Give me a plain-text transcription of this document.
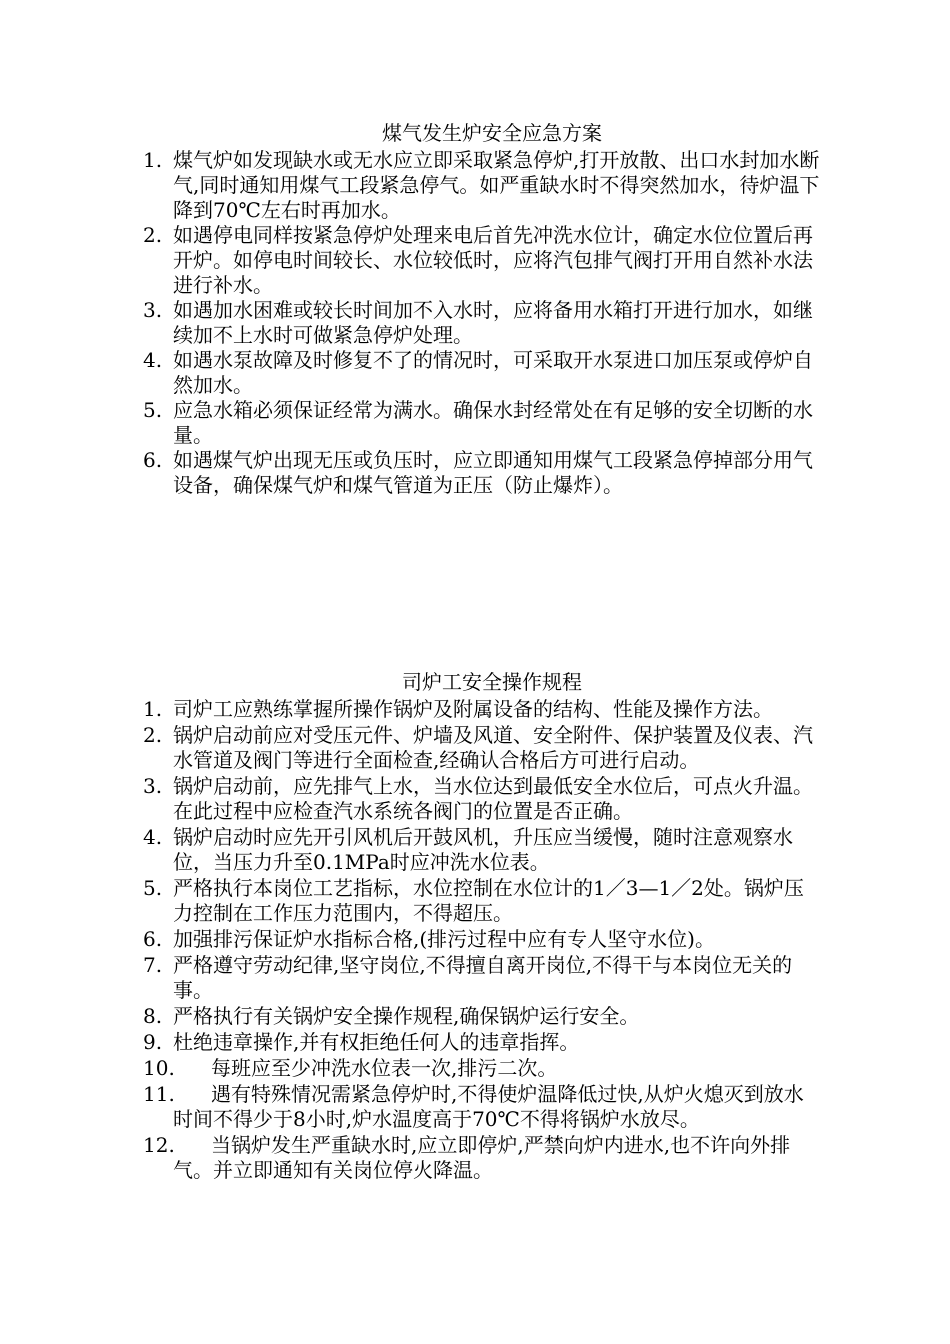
煤气发生炉安全应急方案
1. 煤气炉如发现缺水或无水应立即采取紧急停炉,打开放散、出口水封加水断气,同时通知用煤气工段紧急停气。如严重缺水时不得突然加水，待炉温下降到70℃左右时再加水。
2. 如遇停电同样按紧急停炉处理来电后首先冲洗水位计，确定水位位置后再开炉。如停电时间较长、水位较低时，应将汽包排气阀打开用自然补水法进行补水。
3. 如遇加水困难或较长时间加不入水时，应将备用水箱打开进行加水，如继续加不上水时可做紧急停炉处理。
4. 如遇水泵故障及时修复不了的情况时，可采取开水泵进口加压泵或停炉自然加水。
5. 应急水箱必须保证经常为满水。确保水封经常处在有足够的安全切断的水量。
6. 如遇煤气炉出现无压或负压时，应立即通知用煤气工段紧急停掉部分用气设备，确保煤气炉和煤气管道为正压（防止爆炸）。
司炉工安全操作规程
1. 司炉工应熟练掌握所操作锅炉及附属设备的结构、性能及操作方法。
2. 锅炉启动前应对受压元件、炉墙及风道、安全附件、保护装置及仪表、汽水管道及阀门等进行全面检查,经确认合格后方可进行启动。
3. 锅炉启动前，应先排气上水，当水位达到最低安全水位后，可点火升温。在此过程中应检查汽水系统各阀门的位置是否正确。
4. 锅炉启动时应先开引风机后开鼓风机，升压应当缓慢，随时注意观察水位，当压力升至0.1MPa时应冲洗水位表。
5. 严格执行本岗位工艺指标，水位控制在水位计的1／3—1／2处。锅炉压力控制在工作压力范围内，不得超压。
6. 加强排污保证炉水指标合格,(排污过程中应有专人坚守水位)。
7. 严格遵守劳动纪律,坚守岗位,不得擅自离开岗位,不得干与本岗位无关的事。
8. 严格执行有关锅炉安全操作规程,确保锅炉运行安全。
9. 杜绝违章操作,并有权拒绝任何人的违章指挥。
10.	每班应至少冲洗水位表一次,排污二次。
11.	遇有特殊情况需紧急停炉时,不得使炉温降低过快,从炉火熄灭到放水时间不得少于8小时,炉水温度高于70℃不得将锅炉水放尽。
12.	当锅炉发生严重缺水时,应立即停炉,严禁向炉内进水,也不许向外排气。并立即通知有关岗位停火降温。
